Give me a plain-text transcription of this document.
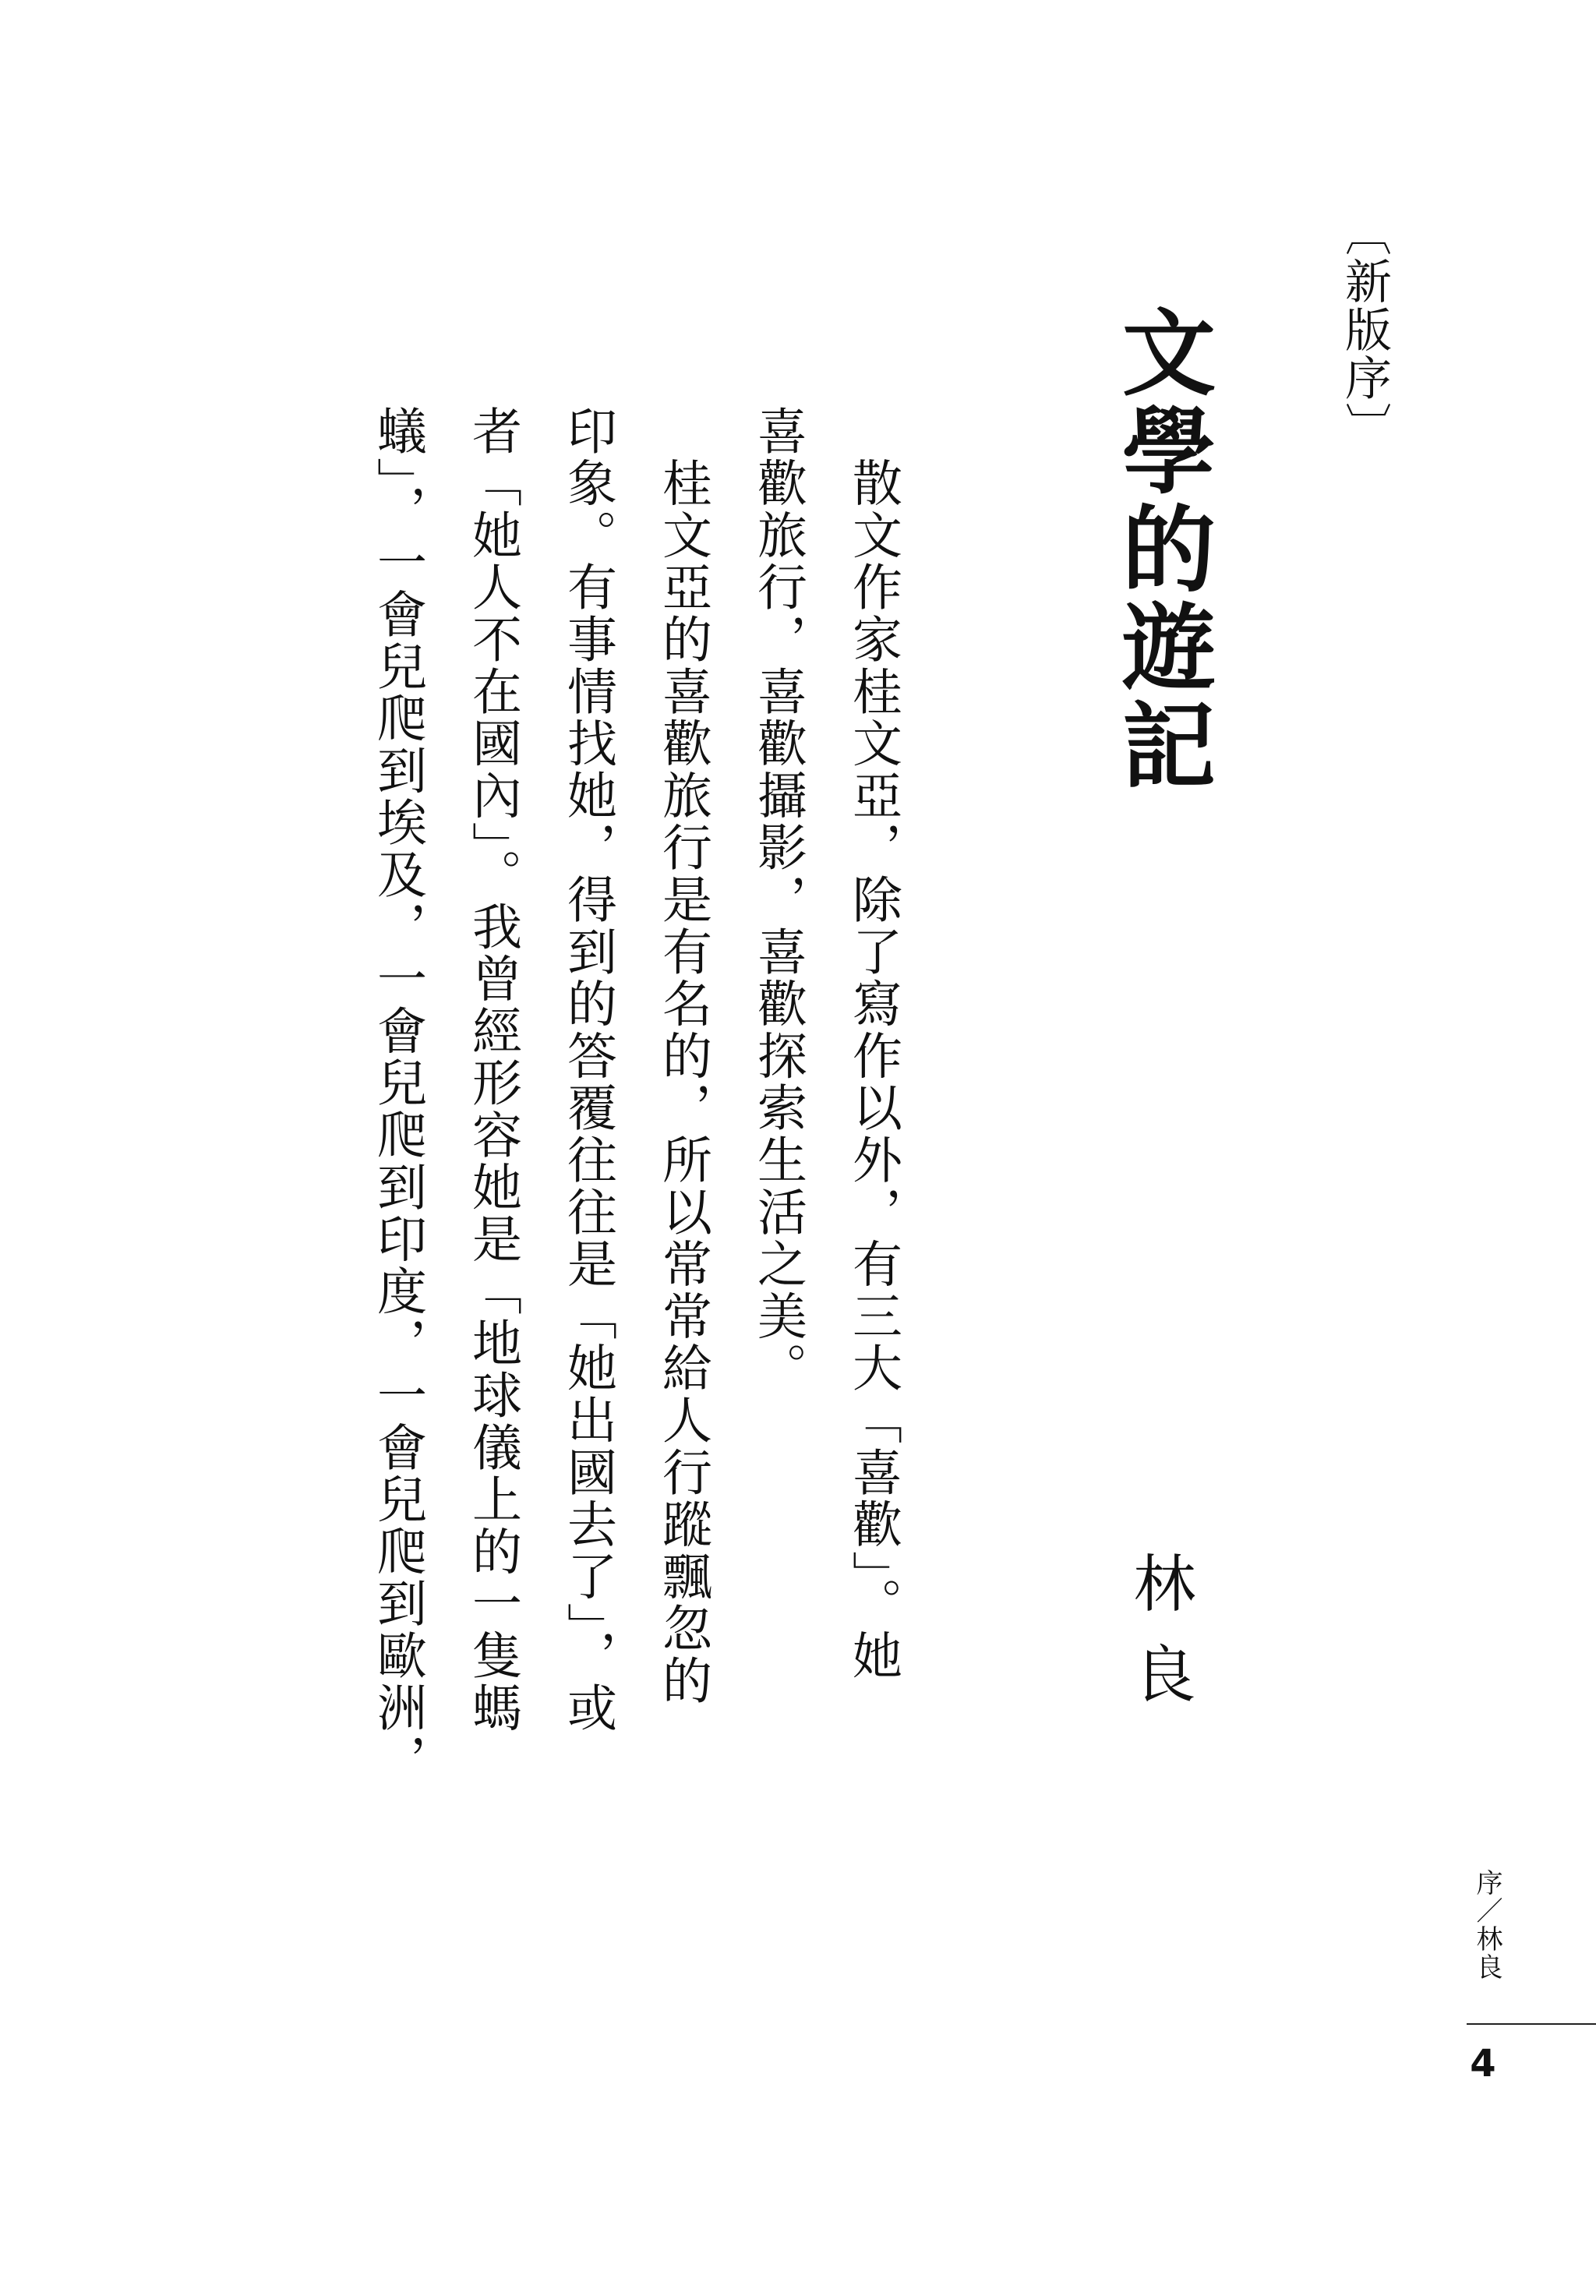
〔新版序〕
文學的遊記
林良
　散文作家桂文亞，除了寫作以外，有三大「喜歡」。她
喜歡旅行，喜歡攝影，喜歡探索生活之美。
　桂文亞的喜歡旅行是有名的，所以常常給人行蹤飄忽的
印象。有事情找她，得到的答覆往往是「她出國去了」，或
者「她人不在國內」。我曾經形容她是「地球儀上的一隻螞
蟻」，一會兒爬到埃及，一會兒爬到印度，一會兒爬到歐洲，
序／林良
4
